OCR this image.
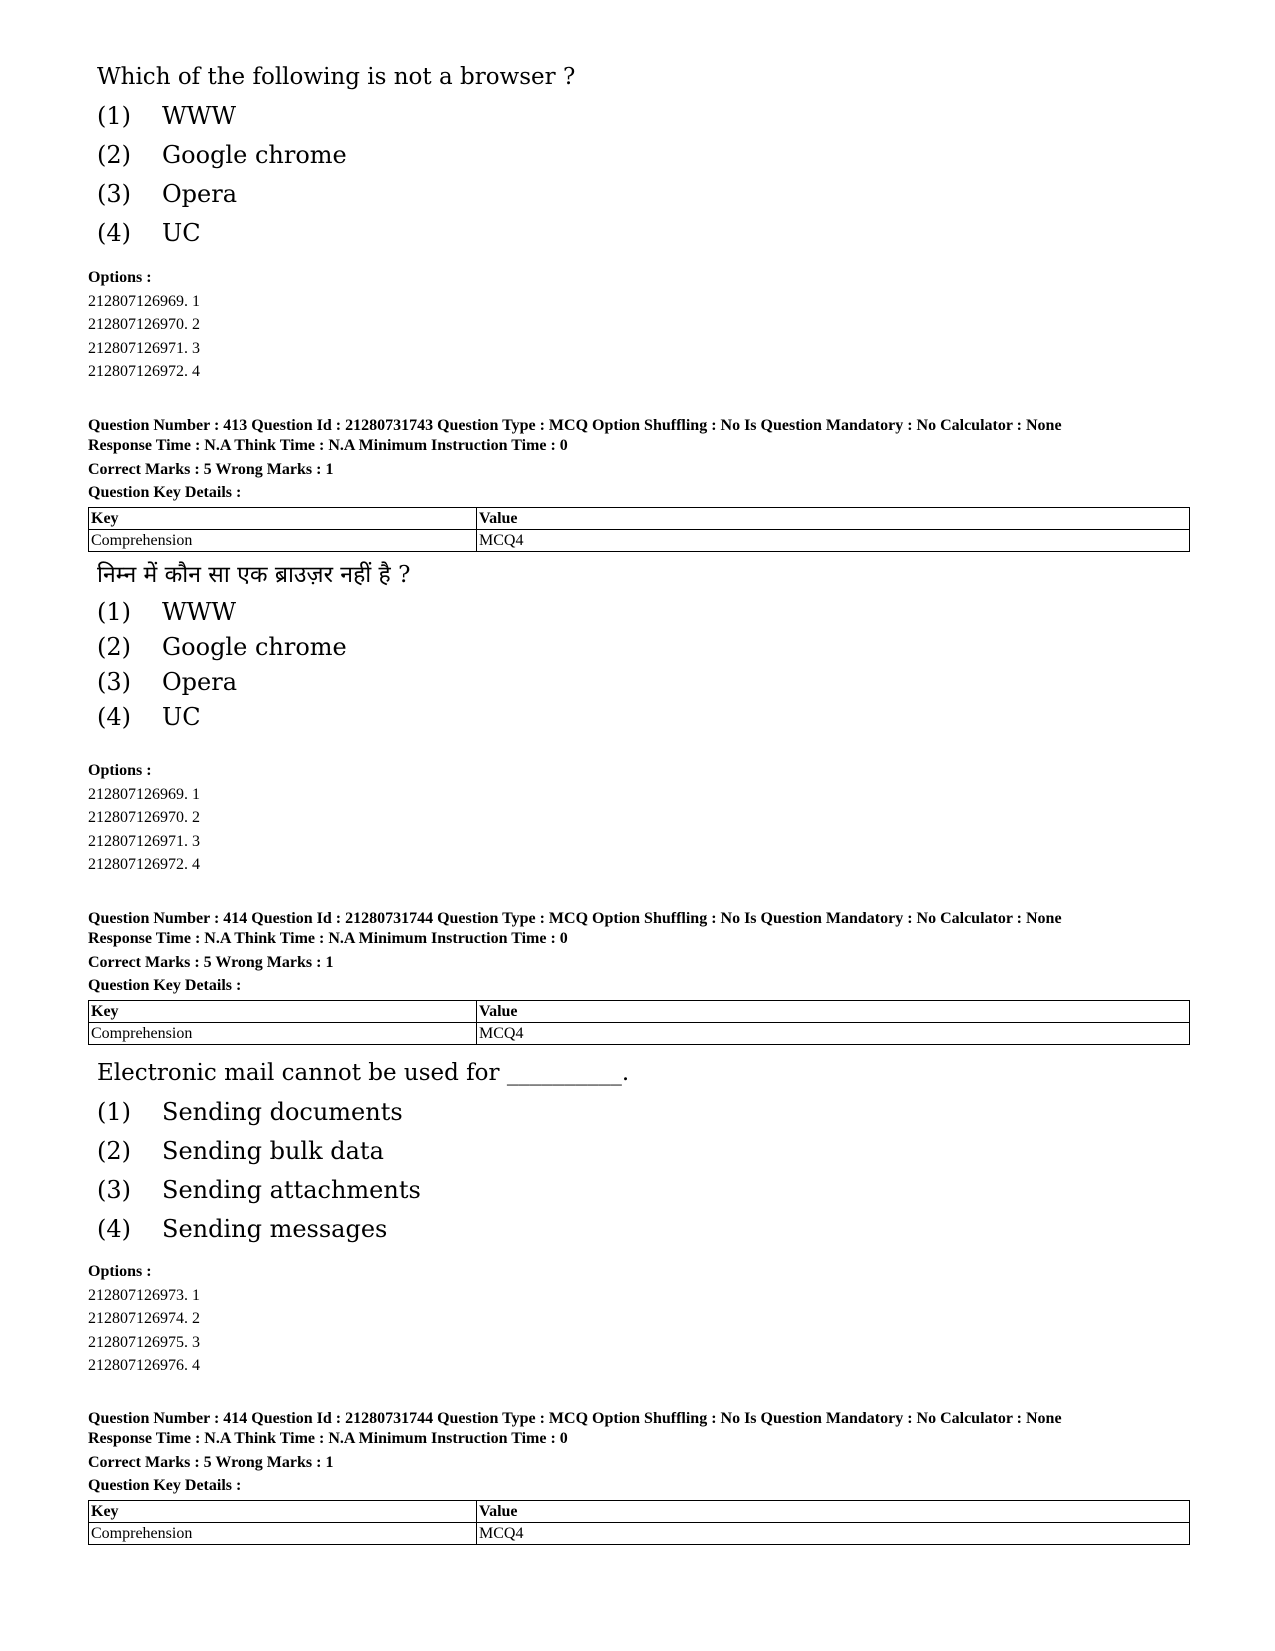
Which of the following is not a browser ?
(1)	WWW
(2)	Google chrome
(3)	Opera
(4)	UC
Options :
212807126969. 1
212807126970. 2
212807126971. 3
212807126972. 4
Question Number : 413 Question Id : 21280731743 Question Type : MCQ Option Shuffling : No Is Question Mandatory : No Calculator : None
Response Time : N.A Think Time : N.A Minimum Instruction Time : 0
Correct Marks : 5 Wrong Marks : 1
Question Key Details :
Key	Value
Comprehension	MCQ4
निम्न में कौन सा एक ब्राउज़र नहीं है ?
(1)	WWW
(2)	Google chrome
(3)	Opera
(4)	UC
Options :
212807126969. 1
212807126970. 2
212807126971. 3
212807126972. 4
Question Number : 414 Question Id : 21280731744 Question Type : MCQ Option Shuffling : No Is Question Mandatory : No Calculator : None
Response Time : N.A Think Time : N.A Minimum Instruction Time : 0
Correct Marks : 5 Wrong Marks : 1
Question Key Details :
Key	Value
Comprehension	MCQ4
Electronic mail cannot be used for __________.
(1)	Sending documents
(2)	Sending bulk data
(3)	Sending attachments
(4)	Sending messages
Options :
212807126973. 1
212807126974. 2
212807126975. 3
212807126976. 4
Question Number : 414 Question Id : 21280731744 Question Type : MCQ Option Shuffling : No Is Question Mandatory : No Calculator : None
Response Time : N.A Think Time : N.A Minimum Instruction Time : 0
Correct Marks : 5 Wrong Marks : 1
Question Key Details :
Key	Value
Comprehension	MCQ4
